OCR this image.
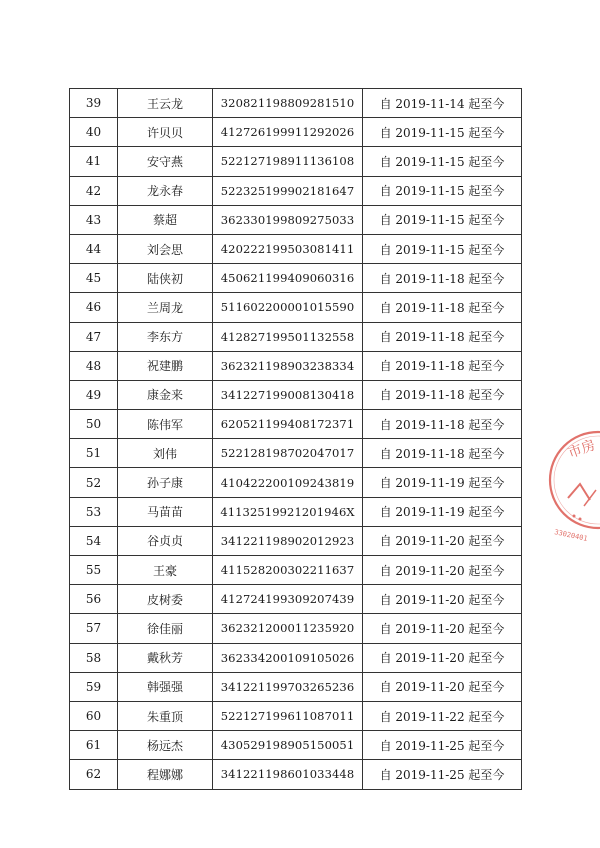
39	王云龙	320821198809281510	自 2019-11-14 起至今
40	许贝贝	412726199911292026	自 2019-11-15 起至今
41	安守燕	522127198911136108	自 2019-11-15 起至今
42	龙永春	522325199902181647	自 2019-11-15 起至今
43	蔡超	362330199809275033	自 2019-11-15 起至今
44	刘会思	420222199503081411	自 2019-11-15 起至今
45	陆侠初	450621199409060316	自 2019-11-18 起至今
46	兰周龙	511602200001015590	自 2019-11-18 起至今
47	李东方	412827199501132558	自 2019-11-18 起至今
48	祝建鹏	362321198903238334	自 2019-11-18 起至今
49	康金来	341227199008130418	自 2019-11-18 起至今
50	陈伟军	620521199408172371	自 2019-11-18 起至今
51	刘伟	522128198702047017	自 2019-11-18 起至今
52	孙子康	410422200109243819	自 2019-11-19 起至今
53	马苗苗	41132519921201946X	自 2019-11-19 起至今
54	谷贞贞	341221198902012923	自 2019-11-20 起至今
55	王豪	411528200302211637	自 2019-11-20 起至今
56	皮树委	412724199309207439	自 2019-11-20 起至今
57	徐佳丽	362321200011235920	自 2019-11-20 起至今
58	戴秋芳	362334200109105026	自 2019-11-20 起至今
59	韩强强	341221199703265236	自 2019-11-20 起至今
60	朱重顶	522127199611087011	自 2019-11-22 起至今
61	杨远杰	430529198905150051	自 2019-11-25 起至今
62	程娜娜	341221198601033448	自 2019-11-25 起至今
市房
33020401
